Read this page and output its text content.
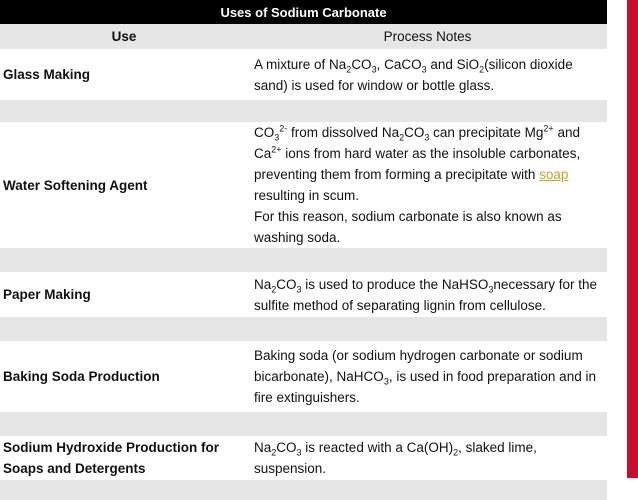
Uses of Sodium Carbonate	
Use	Process Notes
Glass Making	A mixture of $Na_2CO_3$, CaCO$_3$ and SiO$_2$(silicon dioxide sand) is used for window or bottle glass.

Water Softening Agent	$CO_3^{2-}$ from dissolved $Na_2CO_3$ can precipitate $Mg^{2+}$ and $Ca^{2+}$ ions from hard water as the insoluble carbonates, preventing them from forming a precipitate with soap resulting in scum.
For this reason, sodium carbonate is also known as washing soda.

Paper Making	$Na_2CO_3$ is used to produce the NaHSO$_3$necessary for the sulfite method of separating lignin from cellulose.

Baking Soda Production	Baking soda (or sodium hydrogen carbonate or sodium bicarbonate), NaHCO$_3$, is used in food preparation and in fire extinguishers.

Sodium Hydroxide Production for Soaps and Detergents	$Na_2CO_3$ is reacted with a $Ca(OH)_2$, slaked lime, suspension.
